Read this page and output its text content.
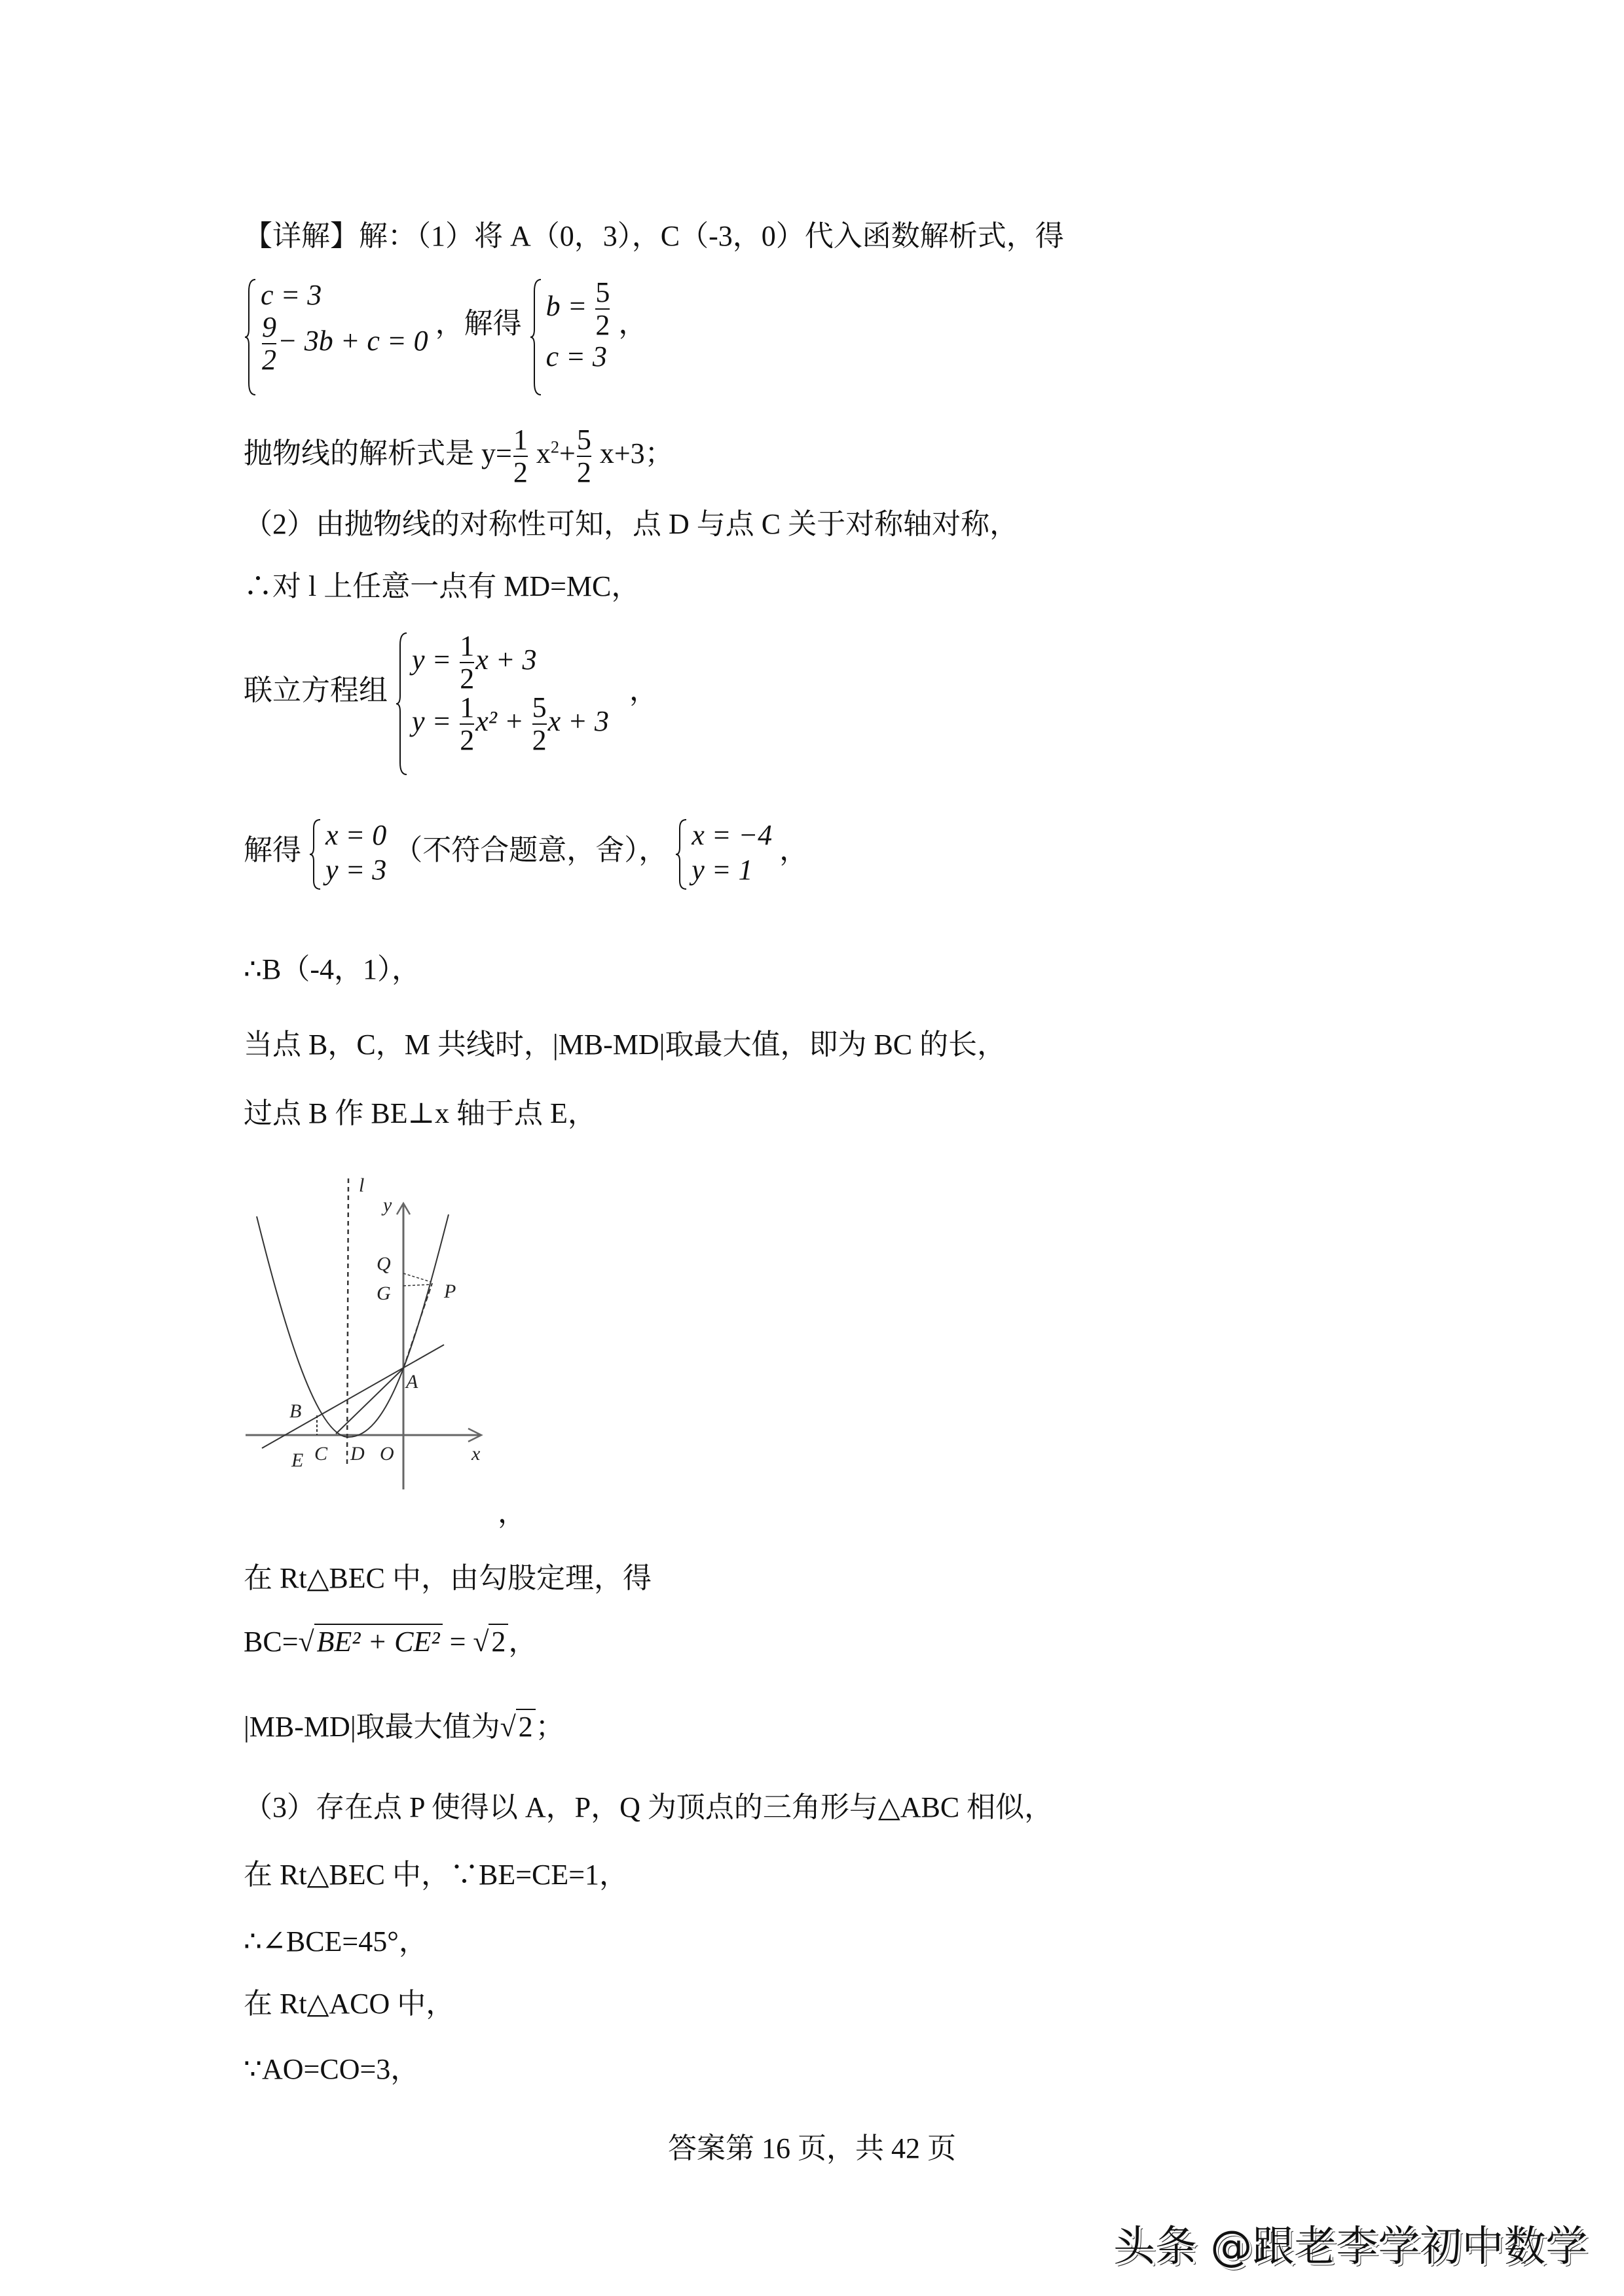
【详解】解：（1）将 A（0，3），C（-3，0）代入函数解析式，得
c = 3
$\frac{9}{2} - 3b + c = 0$
，解得
$b = \frac{5}{2}$
c = 3
，
抛物线的解析式是 $y= \frac{1}{2} x^2+ \frac{5}{2} x+3$；
（2）由抛物线的对称性可知，点 D 与点 C 关于对称轴对称，
∴对 l 上任意一点有 MD=MC，
联立方程组
$y = \frac{1}{2}$ x + 3
$y = \frac{1}{2} x^2 + \frac{5}{2}$ x + 3
，
解得 x = 0
y = 3
（不符合题意，舍）， x = −4
y = 1
，
∴B（-4，1），
当点 B，C，M 共线时，|MB-MD|取最大值，即为 BC 的长，
过点 B 作 BE⊥x 轴于点 E，
l
y
x
Q
G	P
A
B
E C D O
，
在 Rt△BEC 中，由勾股定理，得
BC= √ BE² + CE² = √ 2，
|MB-MD|取最大值为 √ 2；
（3）存在点 P 使得以 A，P，Q 为顶点的三角形与△ABC 相似，
在 Rt△BEC 中，∵BE=CE=1，
∴∠BCE=45°，
在 Rt△ACO 中，
∵AO=CO=3，
答案第 16 页，共 42 页
头条 @跟老李学初中数学
